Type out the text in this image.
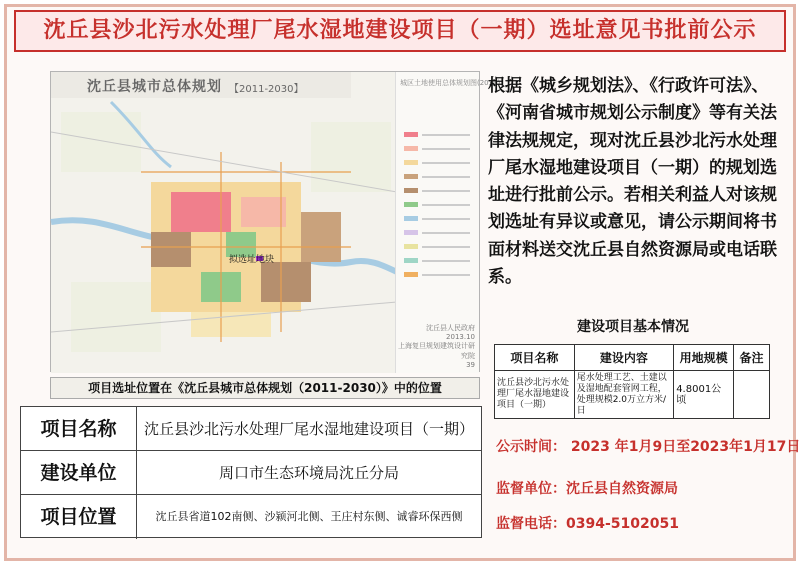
沈丘县沙北污水处理厂尾水湿地建设项目（一期）选址意见书批前公示
沈丘县城市总体规划 【2011-2030】
拟选址地块
城区土地使用总体规划图(2030)
沈丘县人民政府
2013.10
上海复旦规划建筑设计研究院
39
项目选址位置在《沈丘县城市总体规划（2011-2030）》中的位置
项目名称	沈丘县沙北污水处理厂尾水湿地建设项目（一期）
建设单位	周口市生态环境局沈丘分局
项目位置	沈丘县省道102南侧、沙颍河北侧、王庄村东侧、诚睿环保西侧
根据《城乡规划法》、《行政许可法》、《河南省城市规划公示制度》等有关法律法规规定，现对沈丘县沙北污水处理厂尾水湿地建设项目（一期）的规划选址进行批前公示。若相关利益人对该规划选址有异议或意见，请公示期间将书面材料送交沈丘县自然资源局或电话联系。
建设项目基本情况
项目名称	建设内容	用地规模	备注
沈丘县沙北污水处理厂尾水湿地建设项目（一期）	尾水处理工艺、土建以及湿地配套管网工程，处理规模2.0万立方米/日	4.8001公顷	
公示时间： 2023 年1月9日至2023年1月17日
监督单位：沈丘县自然资源局
监督电话：0394-5102051
